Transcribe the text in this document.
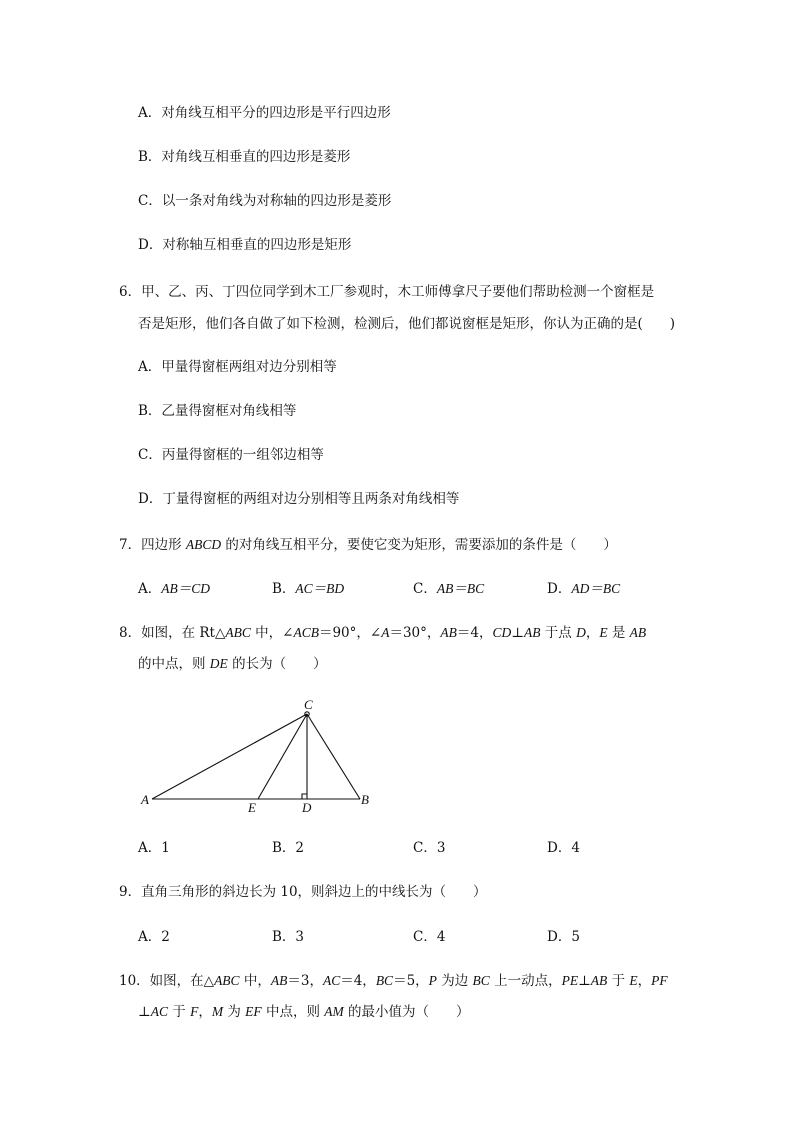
A．对角线互相平分的四边形是平行四边形
B．对角线互相垂直的四边形是菱形
C．以一条对角线为对称轴的四边形是菱形
D．对称轴互相垂直的四边形是矩形
6．甲、乙、丙、丁四位同学到木工厂参观时，木工师傅拿尺子要他们帮助检测一个窗框是
否是矩形，他们各自做了如下检测，检测后，他们都说窗框是矩形，你认为正确的是(　　)
A．甲量得窗框两组对边分别相等
B．乙量得窗框对角线相等
C．丙量得窗框的一组邻边相等
D．丁量得窗框的两组对边分别相等且两条对角线相等
7．四边形 ABCD 的对角线互相平分，要使它变为矩形，需要添加的条件是（　　）
A．AB＝CD	B．AC＝BD	C．AB＝BC	D．AD＝BC
8．如图，在 Rt△ABC 中，∠ACB＝90°，∠A＝30°，AB＝4，CD⊥AB 于点 D，E 是 AB
的中点，则 DE 的长为（　　）
A	B
C
D
E
A．1	B．2	C．3	D．4
9．直角三角形的斜边长为 10，则斜边上的中线长为（　　）
A．2	B．3	C．4	D．5
10．如图，在△ABC 中，AB＝3，AC＝4，BC＝5，P 为边 BC 上一动点，PE⊥AB 于 E，PF
⊥AC 于 F，M 为 EF 中点，则 AM 的最小值为（　　）
